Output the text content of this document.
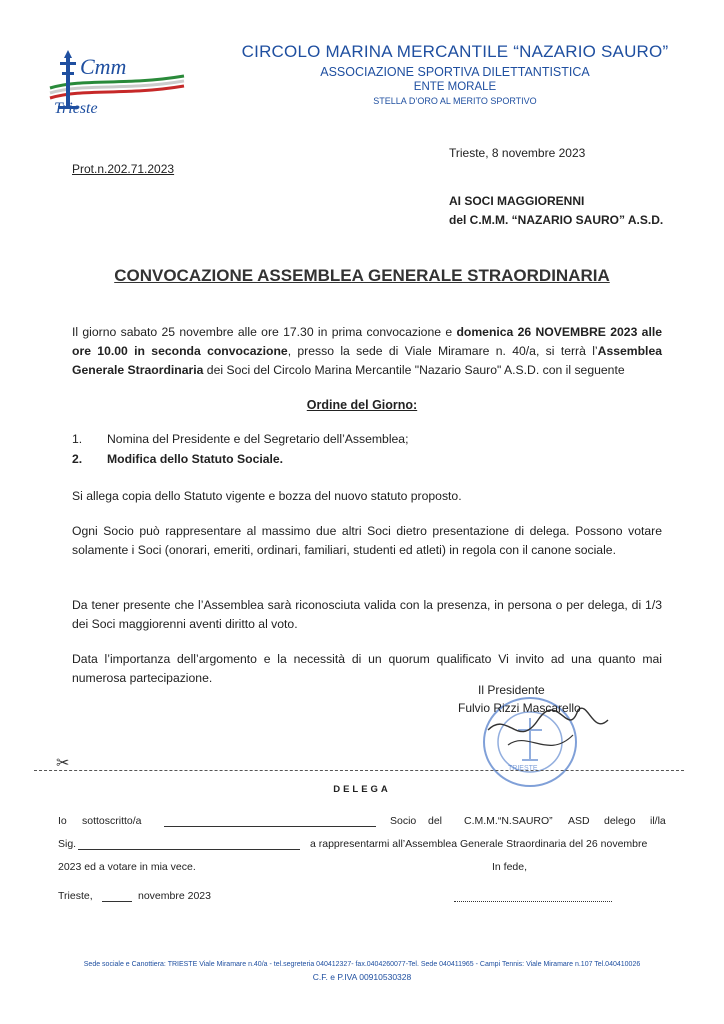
Cmm
Trieste
CIRCOLO MARINA MERCANTILE “NAZARIO SAURO”
ASSOCIAZIONE SPORTIVA DILETTANTISTICA
ENTE MORALE
STELLA D’ORO AL MERITO SPORTIVO
Trieste, 8 novembre 2023
Prot.n.202.71.2023
AI SOCI MAGGIORENNI
del C.M.M. “NAZARIO SAURO” A.S.D.
CONVOCAZIONE ASSEMBLEA GENERALE STRAORDINARIA
Il giorno sabato 25 novembre alle ore 17.30 in prima convocazione e domenica 26 NOVEMBRE 2023 alle ore 10.00 in seconda convocazione, presso la sede di Viale Miramare n. 40/a, si terrà l’Assemblea Generale Straordinaria dei Soci del Circolo Marina Mercantile "Nazario Sauro" A.S.D. con il seguente
Ordine del Giorno:
1. Nomina del Presidente e del Segretario dell’Assemblea;
2. Modifica dello Statuto Sociale.
Si allega copia dello Statuto vigente e bozza del nuovo statuto proposto.
Ogni Socio può rappresentare al massimo due altri Soci dietro presentazione di delega. Possono votare solamente i Soci (onorari, emeriti, ordinari, familiari, studenti ed atleti) in regola con il canone sociale.
Da tener presente che l’Assemblea sarà riconosciuta valida con la presenza, in persona o per delega, di 1/3 dei Soci maggiorenni aventi diritto al voto.
Data l’importanza dell’argomento e la necessità di un quorum qualificato Vi invito ad una quanto mai numerosa partecipazione.
TRIESTE
Il Presidente
Fulvio Rizzi Mascarello
✂
DELEGA
Io sottoscritto/a	Socio del C.M.M.“N.SAURO” ASD delego il/la
Sig.	a rappresentarmi all’Assemblea Generale Straordinaria del 26 novembre
2023 ed a votare in mia vece.	In fede,
Trieste,	novembre 2023
Sede sociale e Canottiera: TRIESTE Viale Miramare n.40/a - tel.segreteria 040412327- fax.0404260077-Tel. Sede 040411965 - Campi Tennis: Viale Miramare n.107 Tel.040410026
C.F. e P.IVA 00910530328
